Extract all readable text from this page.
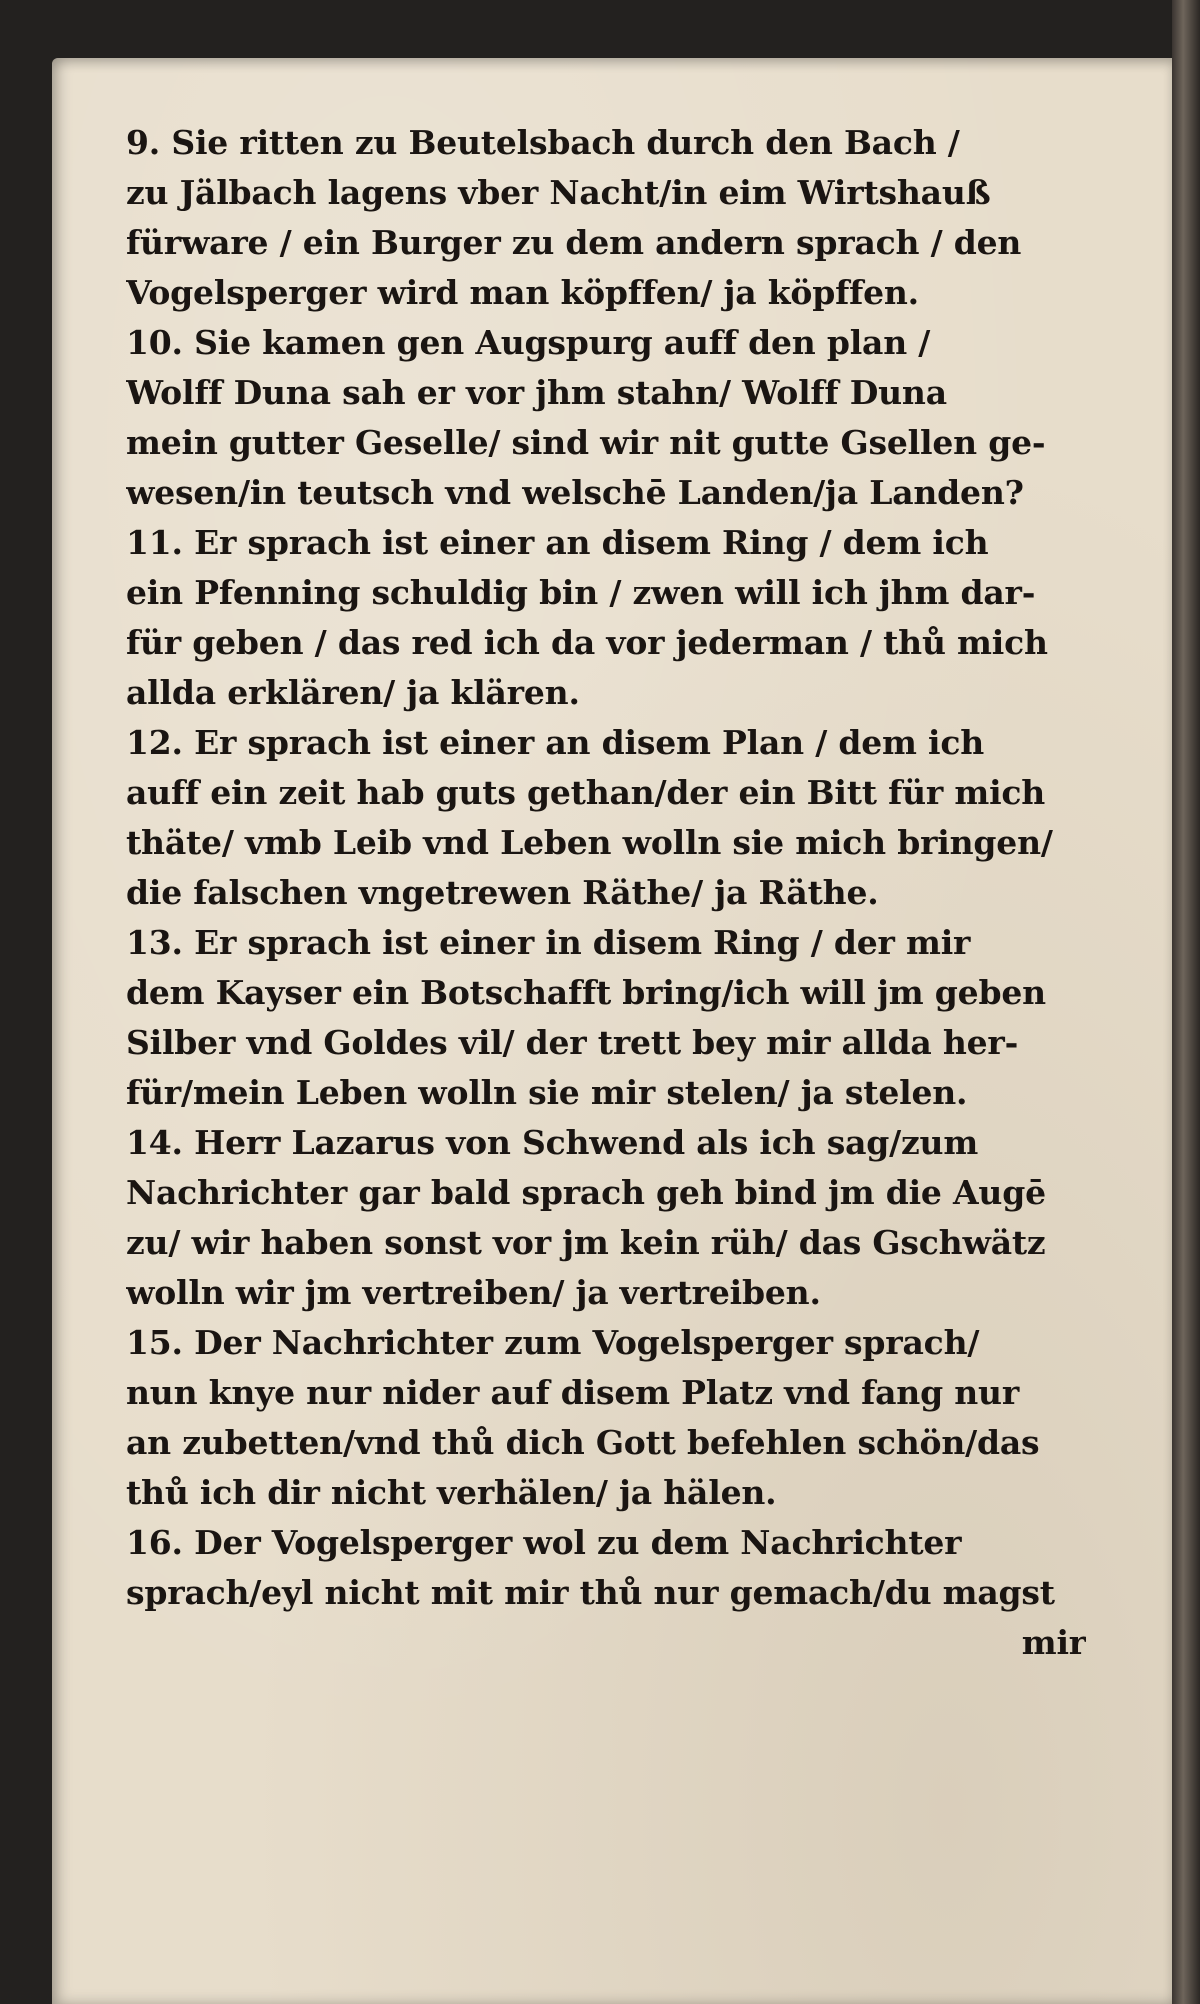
9. Sie ritten zu Beutelsbach durch den Bach /
zu Jälbach lagens vber Nacht/in eim Wirtshauß
fürware / ein Burger zu dem andern sprach / den
Vogelsperger wird man köpffen/ ja köpffen.
10. Sie kamen gen Augspurg auff den plan /
Wolff Duna sah er vor jhm stahn/ Wolff Duna
mein gutter Geselle/ sind wir nit gutte Gsellen ge-
wesen/in teutsch vnd welschē Landen/ja Landen?
11. Er sprach ist einer an disem Ring / dem ich
ein Pfenning schuldig bin / zwen will ich jhm dar-
für geben / das red ich da vor jederman / thů mich
allda erklären/ ja klären.
12. Er sprach ist einer an disem Plan / dem ich
auff ein zeit hab guts gethan/der ein Bitt für mich
thäte/ vmb Leib vnd Leben wolln sie mich bringen/
die falschen vngetrewen Räthe/ ja Räthe.
13. Er sprach ist einer in disem Ring / der mir
dem Kayser ein Botschafft bring/ich will jm geben
Silber vnd Goldes vil/ der trett bey mir allda her-
für/mein Leben wolln sie mir stelen/ ja stelen.
14. Herr Lazarus von Schwend als ich sag/zum
Nachrichter gar bald sprach geh bind jm die Augē
zu/ wir haben sonst vor jm kein rüh/ das Gschwätz
wolln wir jm vertreiben/ ja vertreiben.
15. Der Nachrichter zum Vogelsperger sprach/
nun knye nur nider auf disem Platz vnd fang nur
an zubetten/vnd thů dich Gott befehlen schön/das
thů ich dir nicht verhälen/ ja hälen.
16. Der Vogelsperger wol zu dem Nachrichter
sprach/eyl nicht mit mir thů nur gemach/du magst
mir
